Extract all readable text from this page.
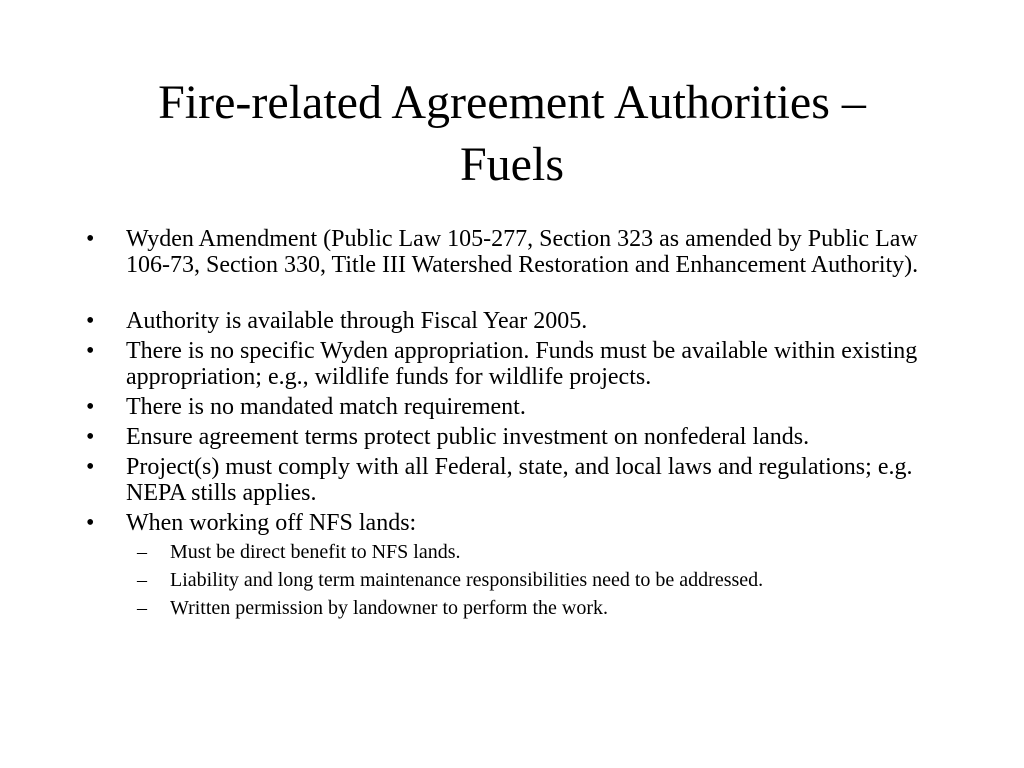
Fire-related Agreement Authorities –
Fuels
• Wyden Amendment (Public Law 105-277, Section 323 as amended by Public Law 106-73, Section 330, Title III Watershed Restoration and Enhancement Authority).
• Authority is available through Fiscal Year 2005.
• There is no specific Wyden appropriation. Funds must be available within existing appropriation; e.g., wildlife funds for wildlife projects.
• There is no mandated match requirement.
• Ensure agreement terms protect public investment on nonfederal lands.
• Project(s) must comply with all Federal, state, and local laws and regulations; e.g. NEPA stills applies.
• When working off NFS lands:
– Must be direct benefit to NFS lands.
– Liability and long term maintenance responsibilities need to be addressed.
– Written permission by landowner to perform the work.
